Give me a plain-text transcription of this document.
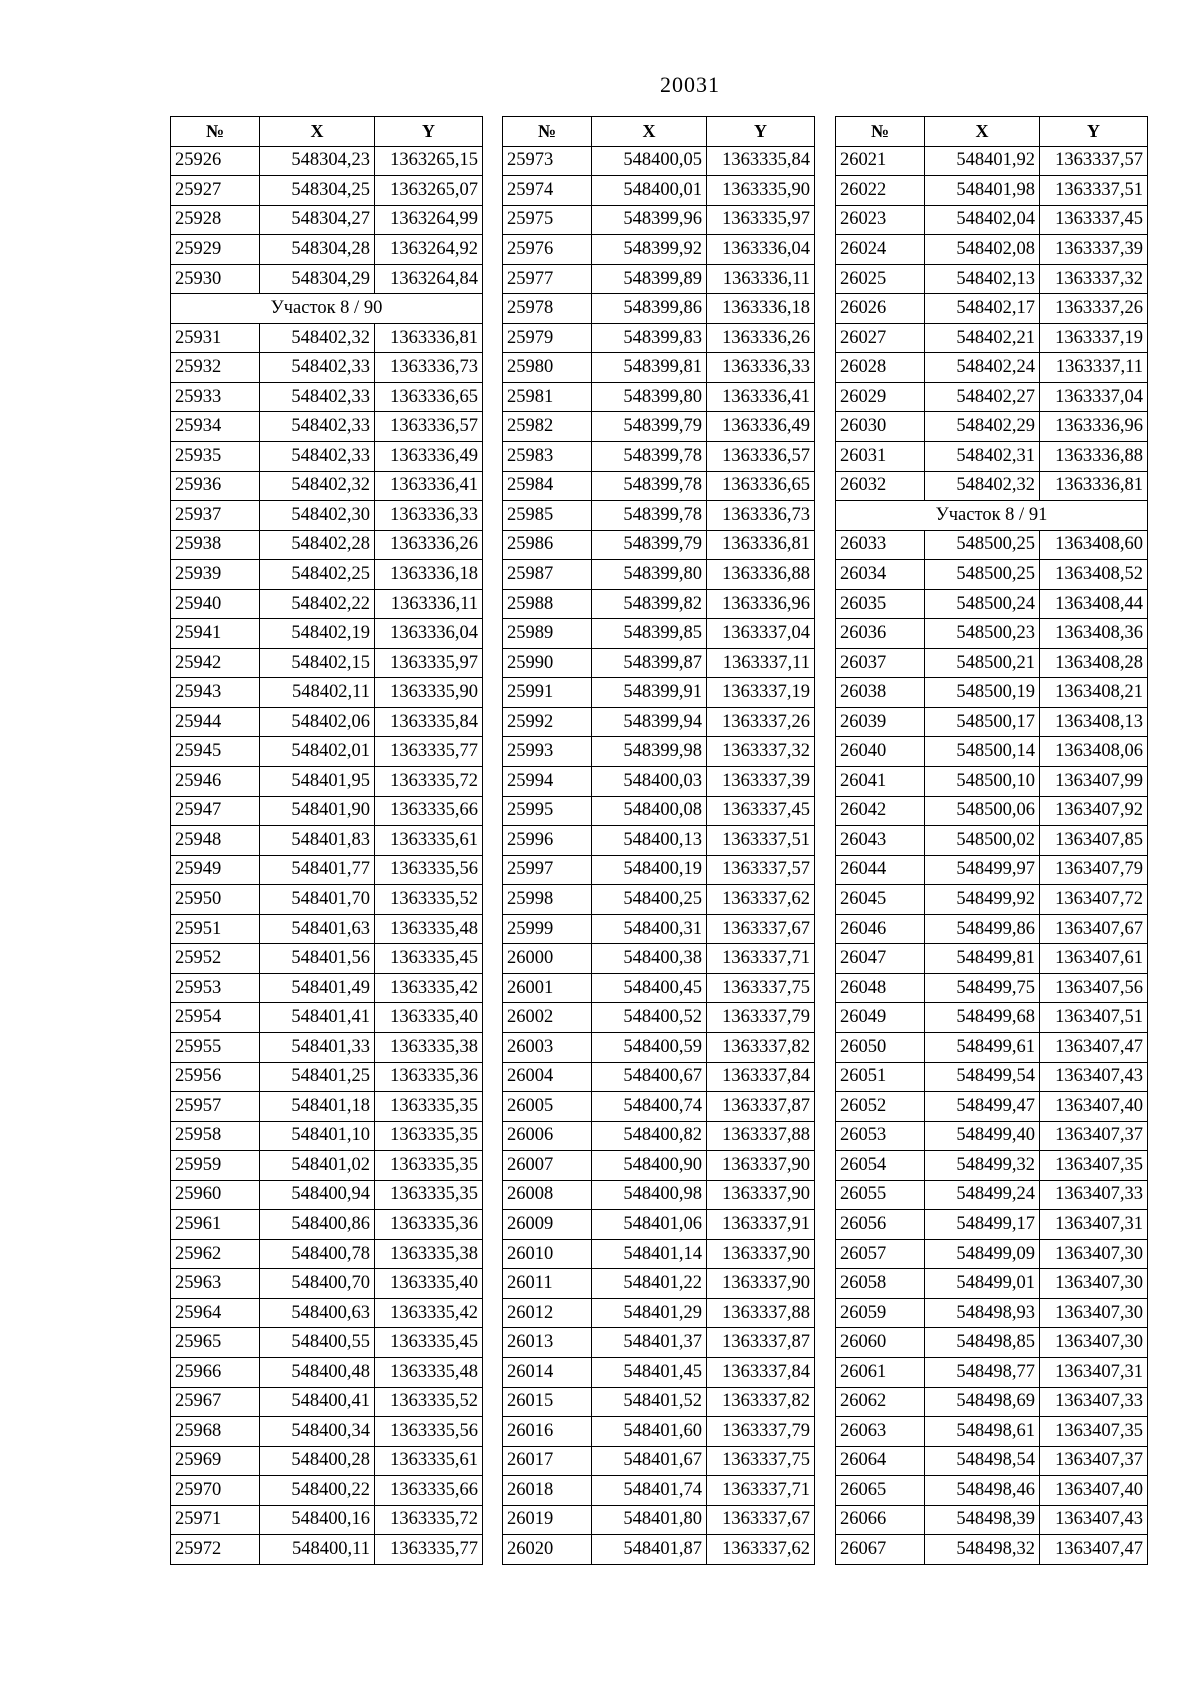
20031
№	X	Y
25926	548304,23	1363265,15
25927	548304,25	1363265,07
25928	548304,27	1363264,99
25929	548304,28	1363264,92
25930	548304,29	1363264,84
Участок 8 / 90		
25931	548402,32	1363336,81
25932	548402,33	1363336,73
25933	548402,33	1363336,65
25934	548402,33	1363336,57
25935	548402,33	1363336,49
25936	548402,32	1363336,41
25937	548402,30	1363336,33
25938	548402,28	1363336,26
25939	548402,25	1363336,18
25940	548402,22	1363336,11
25941	548402,19	1363336,04
25942	548402,15	1363335,97
25943	548402,11	1363335,90
25944	548402,06	1363335,84
25945	548402,01	1363335,77
25946	548401,95	1363335,72
25947	548401,90	1363335,66
25948	548401,83	1363335,61
25949	548401,77	1363335,56
25950	548401,70	1363335,52
25951	548401,63	1363335,48
25952	548401,56	1363335,45
25953	548401,49	1363335,42
25954	548401,41	1363335,40
25955	548401,33	1363335,38
25956	548401,25	1363335,36
25957	548401,18	1363335,35
25958	548401,10	1363335,35
25959	548401,02	1363335,35
25960	548400,94	1363335,35
25961	548400,86	1363335,36
25962	548400,78	1363335,38
25963	548400,70	1363335,40
25964	548400,63	1363335,42
25965	548400,55	1363335,45
25966	548400,48	1363335,48
25967	548400,41	1363335,52
25968	548400,34	1363335,56
25969	548400,28	1363335,61
25970	548400,22	1363335,66
25971	548400,16	1363335,72
25972	548400,11	1363335,77
№	X	Y
25973	548400,05	1363335,84
25974	548400,01	1363335,90
25975	548399,96	1363335,97
25976	548399,92	1363336,04
25977	548399,89	1363336,11
25978	548399,86	1363336,18
25979	548399,83	1363336,26
25980	548399,81	1363336,33
25981	548399,80	1363336,41
25982	548399,79	1363336,49
25983	548399,78	1363336,57
25984	548399,78	1363336,65
25985	548399,78	1363336,73
25986	548399,79	1363336,81
25987	548399,80	1363336,88
25988	548399,82	1363336,96
25989	548399,85	1363337,04
25990	548399,87	1363337,11
25991	548399,91	1363337,19
25992	548399,94	1363337,26
25993	548399,98	1363337,32
25994	548400,03	1363337,39
25995	548400,08	1363337,45
25996	548400,13	1363337,51
25997	548400,19	1363337,57
25998	548400,25	1363337,62
25999	548400,31	1363337,67
26000	548400,38	1363337,71
26001	548400,45	1363337,75
26002	548400,52	1363337,79
26003	548400,59	1363337,82
26004	548400,67	1363337,84
26005	548400,74	1363337,87
26006	548400,82	1363337,88
26007	548400,90	1363337,90
26008	548400,98	1363337,90
26009	548401,06	1363337,91
26010	548401,14	1363337,90
26011	548401,22	1363337,90
26012	548401,29	1363337,88
26013	548401,37	1363337,87
26014	548401,45	1363337,84
26015	548401,52	1363337,82
26016	548401,60	1363337,79
26017	548401,67	1363337,75
26018	548401,74	1363337,71
26019	548401,80	1363337,67
26020	548401,87	1363337,62
№	X	Y
26021	548401,92	1363337,57
26022	548401,98	1363337,51
26023	548402,04	1363337,45
26024	548402,08	1363337,39
26025	548402,13	1363337,32
26026	548402,17	1363337,26
26027	548402,21	1363337,19
26028	548402,24	1363337,11
26029	548402,27	1363337,04
26030	548402,29	1363336,96
26031	548402,31	1363336,88
26032	548402,32	1363336,81
Участок 8 / 91		
26033	548500,25	1363408,60
26034	548500,25	1363408,52
26035	548500,24	1363408,44
26036	548500,23	1363408,36
26037	548500,21	1363408,28
26038	548500,19	1363408,21
26039	548500,17	1363408,13
26040	548500,14	1363408,06
26041	548500,10	1363407,99
26042	548500,06	1363407,92
26043	548500,02	1363407,85
26044	548499,97	1363407,79
26045	548499,92	1363407,72
26046	548499,86	1363407,67
26047	548499,81	1363407,61
26048	548499,75	1363407,56
26049	548499,68	1363407,51
26050	548499,61	1363407,47
26051	548499,54	1363407,43
26052	548499,47	1363407,40
26053	548499,40	1363407,37
26054	548499,32	1363407,35
26055	548499,24	1363407,33
26056	548499,17	1363407,31
26057	548499,09	1363407,30
26058	548499,01	1363407,30
26059	548498,93	1363407,30
26060	548498,85	1363407,30
26061	548498,77	1363407,31
26062	548498,69	1363407,33
26063	548498,61	1363407,35
26064	548498,54	1363407,37
26065	548498,46	1363407,40
26066	548498,39	1363407,43
26067	548498,32	1363407,47
